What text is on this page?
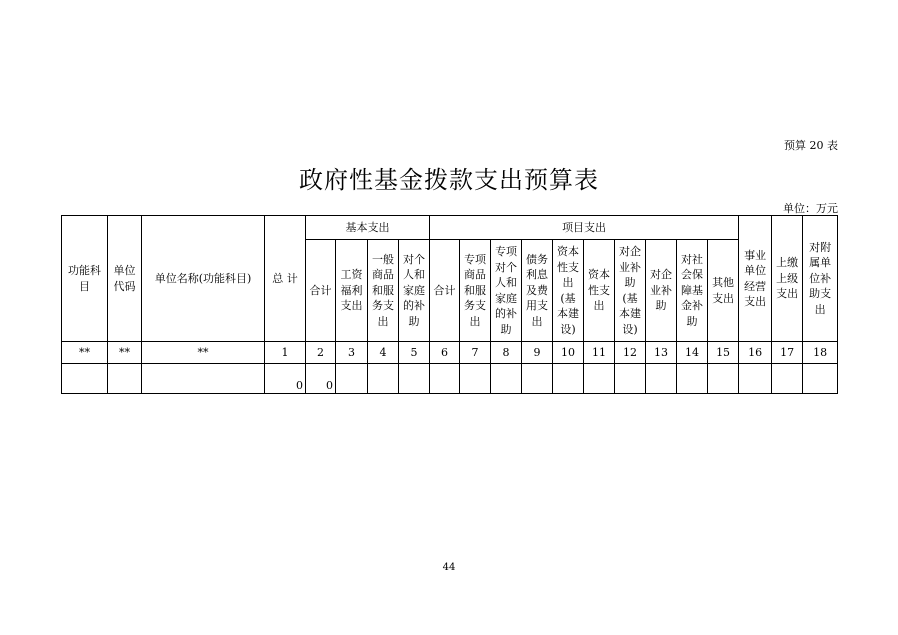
预算 20 表
政府性基金拨款支出预算表
单位：万元
功能科目	单位代码	单位名称(功能科目)	总 计	基本支出				项目支出										事业单位经营支出	上缴上级支出	对附属单位补助支出
				合计	工资福利支出	一般商品和服务支出	对个人和家庭的补助	合计	专项商品和服务支出	专项对个人和家庭的补助	债务利息及费用支出	资本性支出(基本建设)	资本性支出	对企业补助(基本建设)	对企业补助	对社会保障基金补助	其他支出			
**	**	**	1	2	3	4	5	6	7	8	9	10	11	12	13	14	15	16	17	18
			0	0																
44
